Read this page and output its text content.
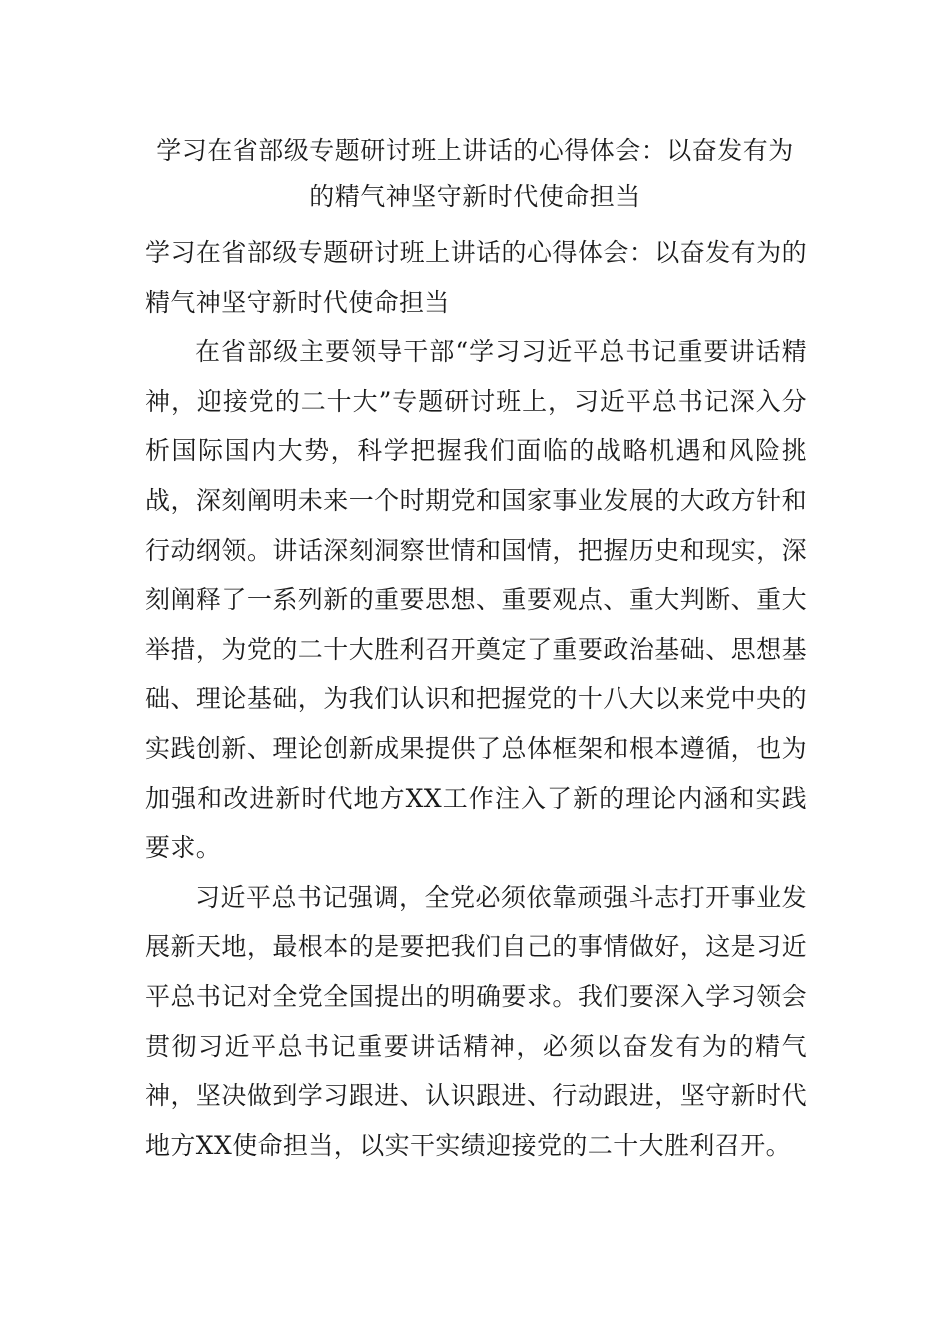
学习在省部级专题研讨班上讲话的心得体会：以奋发有为
的精气神坚守新时代使命担当

学习在省部级专题研讨班上讲话的心得体会：以奋发有为的精气神坚守新时代使命担当

在省部级主要领导干部“学习习近平总书记重要讲话精神，迎接党的二十大”专题研讨班上，习近平总书记深入分析国际国内大势，科学把握我们面临的战略机遇和风险挑战，深刻阐明未来一个时期党和国家事业发展的大政方针和行动纲领。讲话深刻洞察世情和国情，把握历史和现实，深刻阐释了一系列新的重要思想、重要观点、重大判断、重大举措，为党的二十大胜利召开奠定了重要政治基础、思想基础、理论基础，为我们认识和把握党的十八大以来党中央的实践创新、理论创新成果提供了总体框架和根本遵循，也为加强和改进新时代地方XX工作注入了新的理论内涵和实践要求。

习近平总书记强调，全党必须依靠顽强斗志打开事业发展新天地，最根本的是要把我们自己的事情做好，这是习近平总书记对全党全国提出的明确要求。我们要深入学习领会贯彻习近平总书记重要讲话精神，必须以奋发有为的精气神，坚决做到学习跟进、认识跟进、行动跟进，坚守新时代地方XX使命担当，以实干实绩迎接党的二十大胜利召开。
